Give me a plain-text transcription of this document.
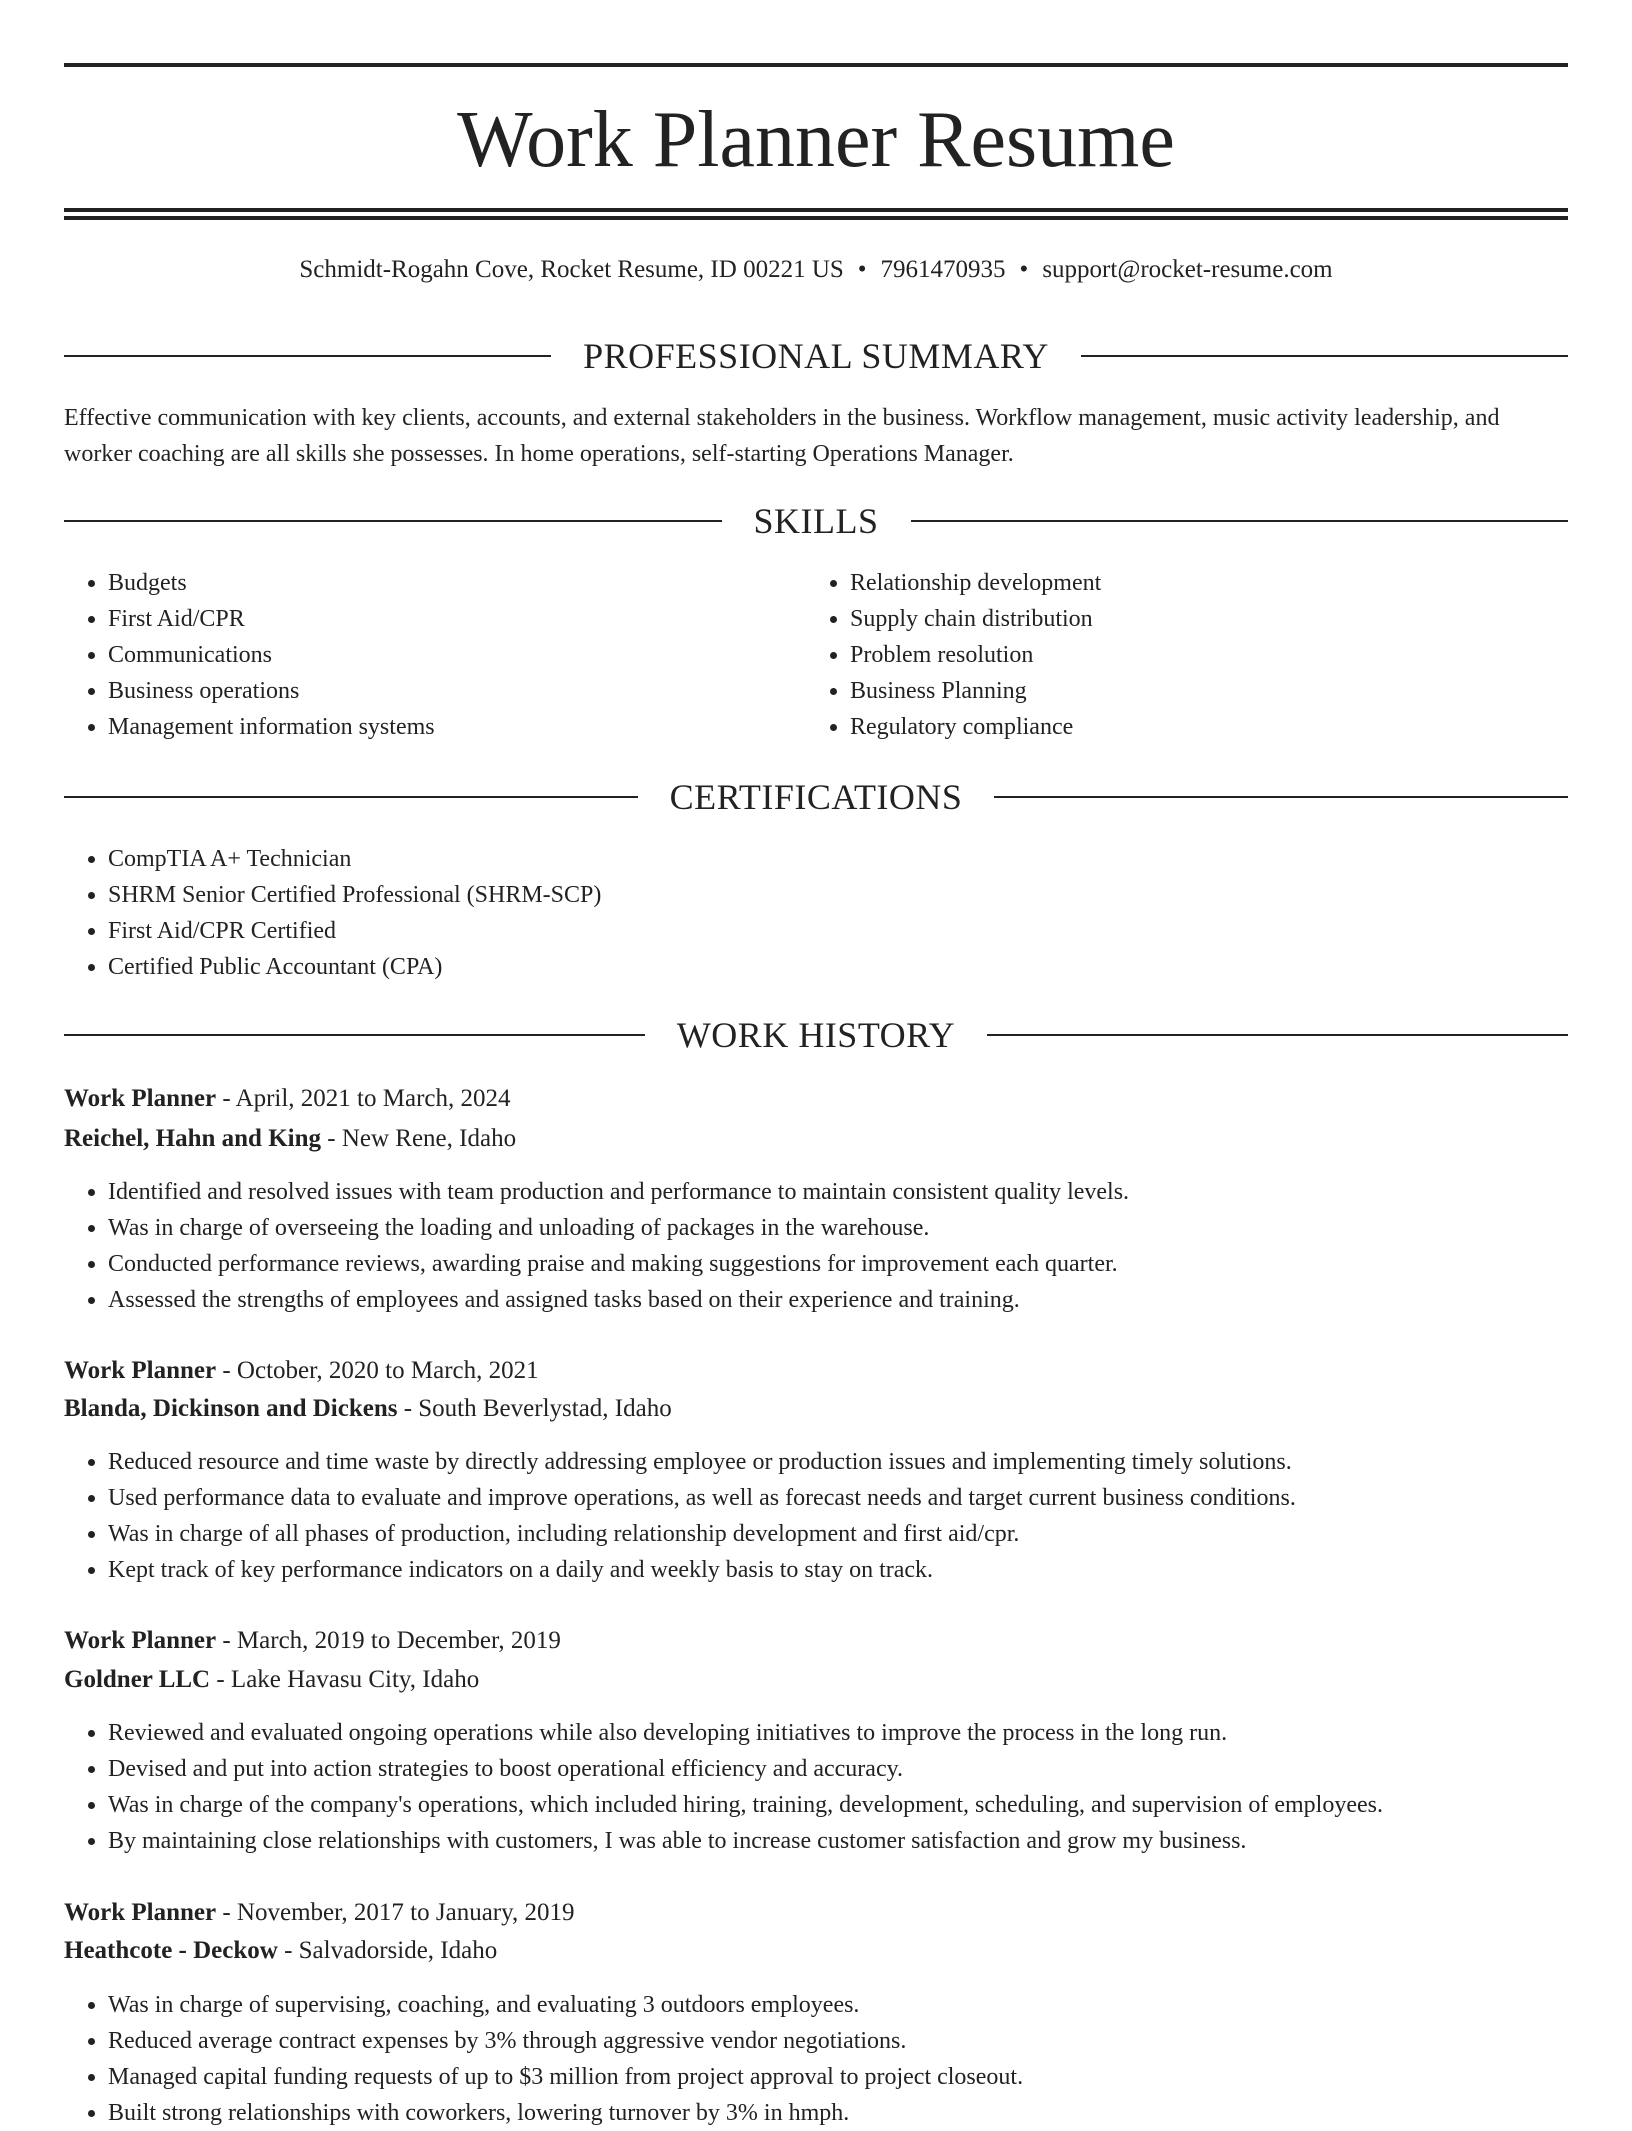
Work Planner Resume
Schmidt-Rogahn Cove, Rocket Resume, ID 00221 US • 7961470935 • support@rocket-resume.com
PROFESSIONAL SUMMARY

Effective communication with key clients, accounts, and external stakeholders in the business. Workflow management, music activity leadership, and worker coaching are all skills she possesses. In home operations, self-starting Operations Manager.

SKILLS
• Budgets
• First Aid/CPR
• Communications
• Business operations
• Management information systems
• Relationship development
• Supply chain distribution
• Problem resolution
• Business Planning
• Regulatory compliance
CERTIFICATIONS
• CompTIA A+ Technician
• SHRM Senior Certified Professional (SHRM-SCP)
• First Aid/CPR Certified
• Certified Public Accountant (CPA)
WORK HISTORY
Work Planner - April, 2021 to March, 2024
Reichel, Hahn and King - New Rene, Idaho
• Identified and resolved issues with team production and performance to maintain consistent quality levels.
• Was in charge of overseeing the loading and unloading of packages in the warehouse.
• Conducted performance reviews, awarding praise and making suggestions for improvement each quarter.
• Assessed the strengths of employees and assigned tasks based on their experience and training.
Work Planner - October, 2020 to March, 2021
Blanda, Dickinson and Dickens - South Beverlystad, Idaho
• Reduced resource and time waste by directly addressing employee or production issues and implementing timely solutions.
• Used performance data to evaluate and improve operations, as well as forecast needs and target current business conditions.
• Was in charge of all phases of production, including relationship development and first aid/cpr.
• Kept track of key performance indicators on a daily and weekly basis to stay on track.
Work Planner - March, 2019 to December, 2019
Goldner LLC - Lake Havasu City, Idaho
• Reviewed and evaluated ongoing operations while also developing initiatives to improve the process in the long run.
• Devised and put into action strategies to boost operational efficiency and accuracy.
• Was in charge of the company's operations, which included hiring, training, development, scheduling, and supervision of employees.
• By maintaining close relationships with customers, I was able to increase customer satisfaction and grow my business.
Work Planner - November, 2017 to January, 2019
Heathcote - Deckow - Salvadorside, Idaho
• Was in charge of supervising, coaching, and evaluating 3 outdoors employees.
• Reduced average contract expenses by 3% through aggressive vendor negotiations.
• Managed capital funding requests of up to $3 million from project approval to project closeout.
• Built strong relationships with coworkers, lowering turnover by 3% in hmph.
